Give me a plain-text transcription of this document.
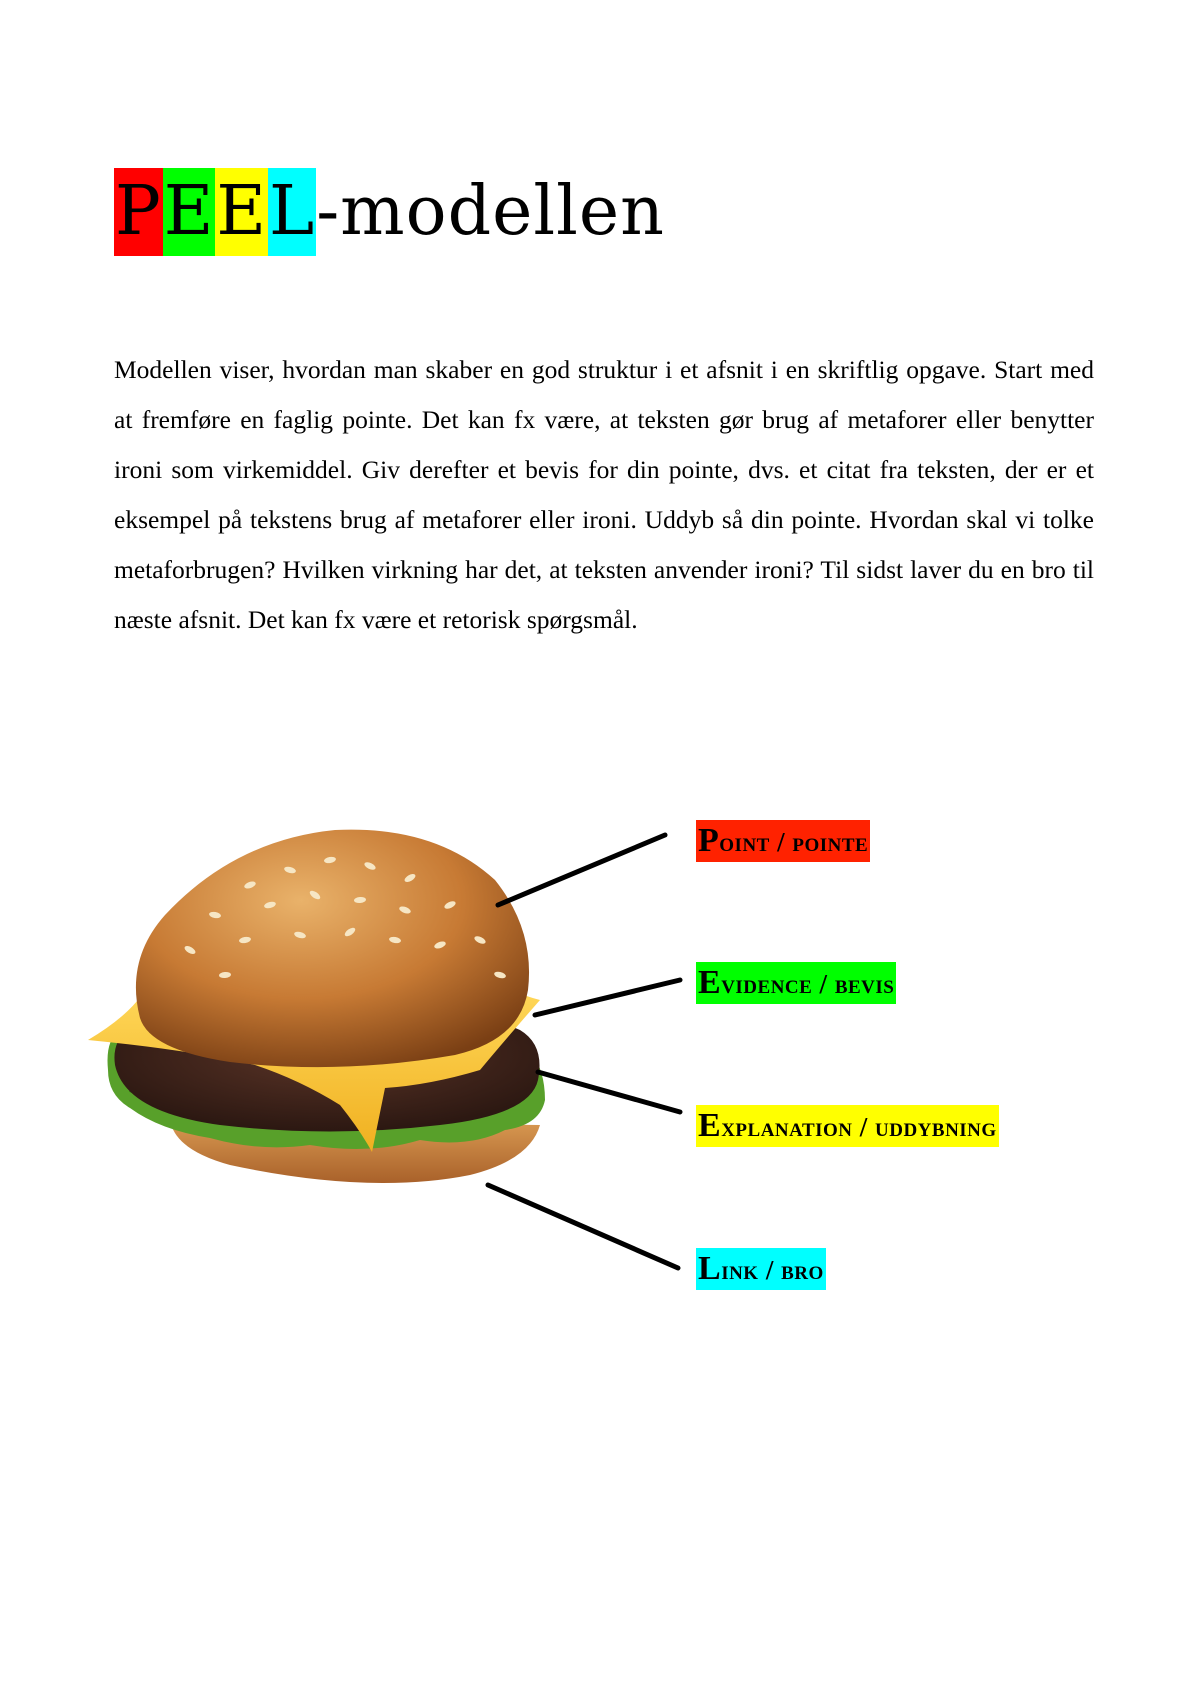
PEEL-modellen

Modellen viser, hvordan man skaber en god struktur i et afsnit i en skriftlig opgave. Start med at fremføre en faglig pointe. Det kan fx være, at teksten gør brug af metaforer eller benytter ironi som virkemiddel. Giv derefter et bevis for din pointe, dvs. et citat fra teksten, der er et eksempel på tekstens brug af metaforer eller ironi. Uddyb så din pointe. Hvordan skal vi tolke metaforbrugen? Hvilken virkning har det, at teksten anvender ironi? Til sidst laver du en bro til næste afsnit. Det kan fx være et retorisk spørgsmål.

Point / pointe
Evidence / bevis
Explanation / uddybning
Link / bro
